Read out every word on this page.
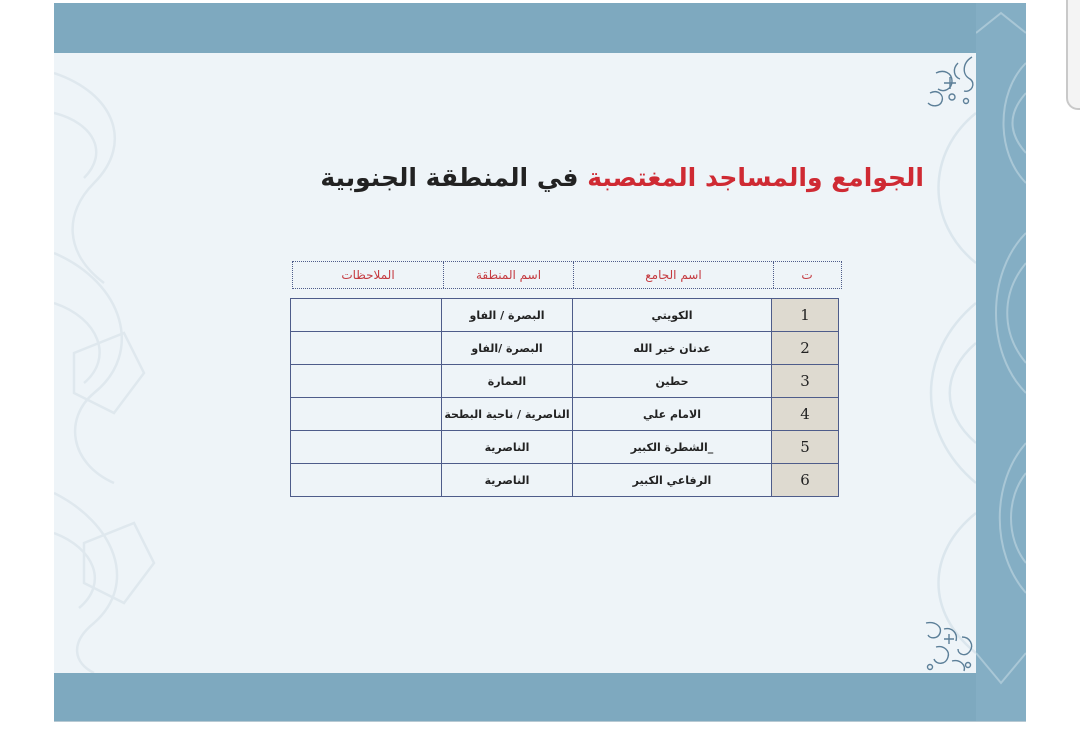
الجوامع والمساجد المغتصبة في المنطقة الجنوبية
الملاحظات	اسم المنطقة	اسم الجامع	ت
	البصرة / الفاو	الكويتي	1
	البصرة /الفاو	عدنان خير الله	2
	العمارة	حطين	3
	الناصرية / ناحية البطحة	الامام علي	4
	الناصرية	الشطرة الكبير_	5
	الناصرية	الرفاعي الكبير	6
